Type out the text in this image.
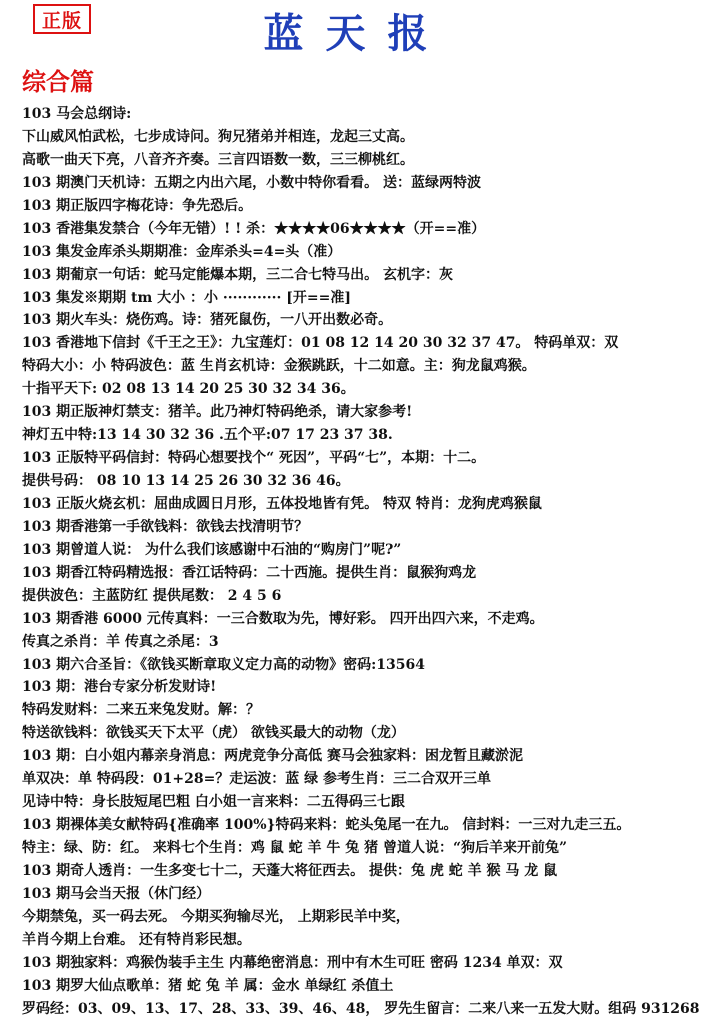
正版	蓝天报
综合篇
103 马会总纲诗:
下山威风怕武松，七步成诗问。狗兄猪弟并相连，龙起三丈高。
高歌一曲天下亮，八音齐齐奏。三言四语数一数，三三柳桃红。
103 期澳门天机诗：五期之内出六尾，小数中特你看看。 送：蓝绿两特波
103 期正版四字梅花诗：争先恐后。
103 香港集发禁合（今年无错）! ! 杀：★★★★06★★★★（开==准）
103 集发金库杀头期期准：金库杀头=4=头（准）
103 期葡京一句话：蛇马定能爆本期，三二合七特马出。 玄机字：灰
103 集发※期期 tm 大小 ：小 ············ [开==准]
103 期火车头：烧伤鸡。诗：猪死鼠伤，一八开出数必奇。
103 香港地下信封《千王之王》：九宝莲灯：01 08 12 14 20 30 32 37 47。 特码单双：双
特码大小：小 特码波色：蓝 生肖玄机诗：金猴跳跃，十二如意。主：狗龙鼠鸡猴。
十指平天下: 02 08 13 14 20 25 30 32 34 36。
103 期正版神灯禁支：猪羊。此乃神灯特码绝杀，请大家参考!
神灯五中特:13 14 30 32 36 .五个平:07 17 23 37 38.
103 正版特平码信封：特码心想要找个“ 死因”，平码“七”，本期：十二。
提供号码： 08 10 13 14 25 26 30 32 36 46。
103 正版火烧玄机：屈曲成圆日月形，五体投地皆有凭。 特双 特肖：龙狗虎鸡猴鼠
103 期香港第一手欲钱料：欲钱去找清明节？
103 期曾道人说： 为什么我们该感谢中石油的“购房门”呢?”
103 期香江特码精选报：香江话特码：二十西施。提供生肖：鼠猴狗鸡龙
提供波色：主蓝防红 提供尾数： 2 4 5 6
103 期香港 6000 元传真料：一三合数取为先，博好彩。 四开出四六来，不走鸡。
传真之杀肖：羊 传真之杀尾：3
103 期六合圣旨：《欲钱买断章取义定力高的动物》密码:13564
103 期：港台专家分析发财诗!
特码发财料：二来五来兔发财。解：？
特送欲钱料：欲钱买天下太平（虎） 欲钱买最大的动物（龙）
103 期：白小姐内幕亲身消息：两虎竞争分高低 赛马会独家料：困龙暂且藏淤泥
单双决：单 特码段：01+28=？走运波：蓝 绿 参考生肖：三二合双开三单
见诗中特：身长肢短尾巴粗 白小姐一言来料：二五得码三七跟
103 期裸体美女献特码{准确率 100%}特码来料：蛇头兔尾一在九。 信封料：一三对九走三五。
特主：绿、防：红。 来料七个生肖：鸡 鼠 蛇 羊 牛 兔 猪 曾道人说：“狗后羊来开前兔”
103 期奇人透肖：一生多变七十二，天蓬大将征西去。 提供：兔 虎 蛇 羊 猴 马 龙 鼠
103 期马会当天报（休门经）
今期禁兔，买一码去死。 今期买狗输尽光， 上期彩民羊中奖，
羊肖今期上台难。 还有特肖彩民想。
103 期独家料：鸡猴伪装手主生 内幕绝密消息：刑中有木生可旺 密码 1234 单双：双
103 期罗大仙点歌单：猪 蛇 兔 羊 属：金水 单绿红 杀值土
罗码经：03、09、13、17、28、33、39、46、48， 罗先生留言：二来八来一五发大财。组码 931268
